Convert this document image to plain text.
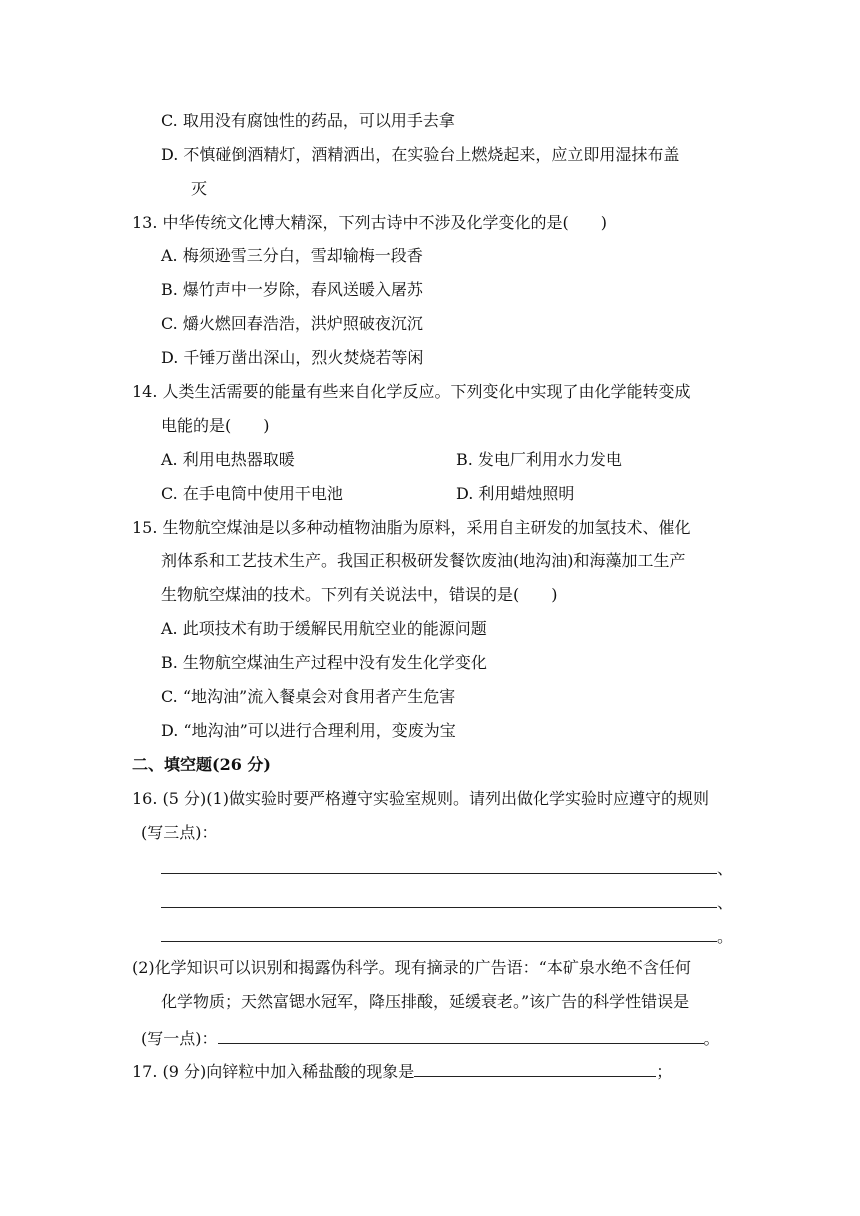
C. 取用没有腐蚀性的药品，可以用手去拿
D. 不慎碰倒酒精灯，酒精洒出，在实验台上燃烧起来，应立即用湿抹布盖
灭
13. 中华传统文化博大精深，下列古诗中不涉及化学变化的是(　　)
A. 梅须逊雪三分白，雪却输梅一段香
B. 爆竹声中一岁除，春风送暖入屠苏
C. 爝火燃回春浩浩，洪炉照破夜沉沉
D. 千锤万凿出深山，烈火焚烧若等闲
14. 人类生活需要的能量有些来自化学反应。下列变化中实现了由化学能转变成
电能的是(　　)
A. 利用电热器取暖	B. 发电厂利用水力发电
C. 在手电筒中使用干电池	D. 利用蜡烛照明
15. 生物航空煤油是以多种动植物油脂为原料，采用自主研发的加氢技术、催化
剂体系和工艺技术生产。我国正积极研发餐饮废油(地沟油)和海藻加工生产
生物航空煤油的技术。下列有关说法中，错误的是(　　)
A. 此项技术有助于缓解民用航空业的能源问题
B. 生物航空煤油生产过程中没有发生化学变化
C. “地沟油”流入餐桌会对食用者产生危害
D. “地沟油”可以进行合理利用，变废为宝
二、填空题(26 分)
16. (5 分)(1)做实验时要严格遵守实验室规则。请列出做化学实验时应遵守的规则
(写三点)：
、
、
。
(2)化学知识可以识别和揭露伪科学。现有摘录的广告语：“本矿泉水绝不含任何
化学物质；天然富锶水冠军，降压排酸，延缓衰老。”该广告的科学性错误是
(写一点)：	。
17. (9 分)向锌粒中加入稀盐酸的现象是	；
